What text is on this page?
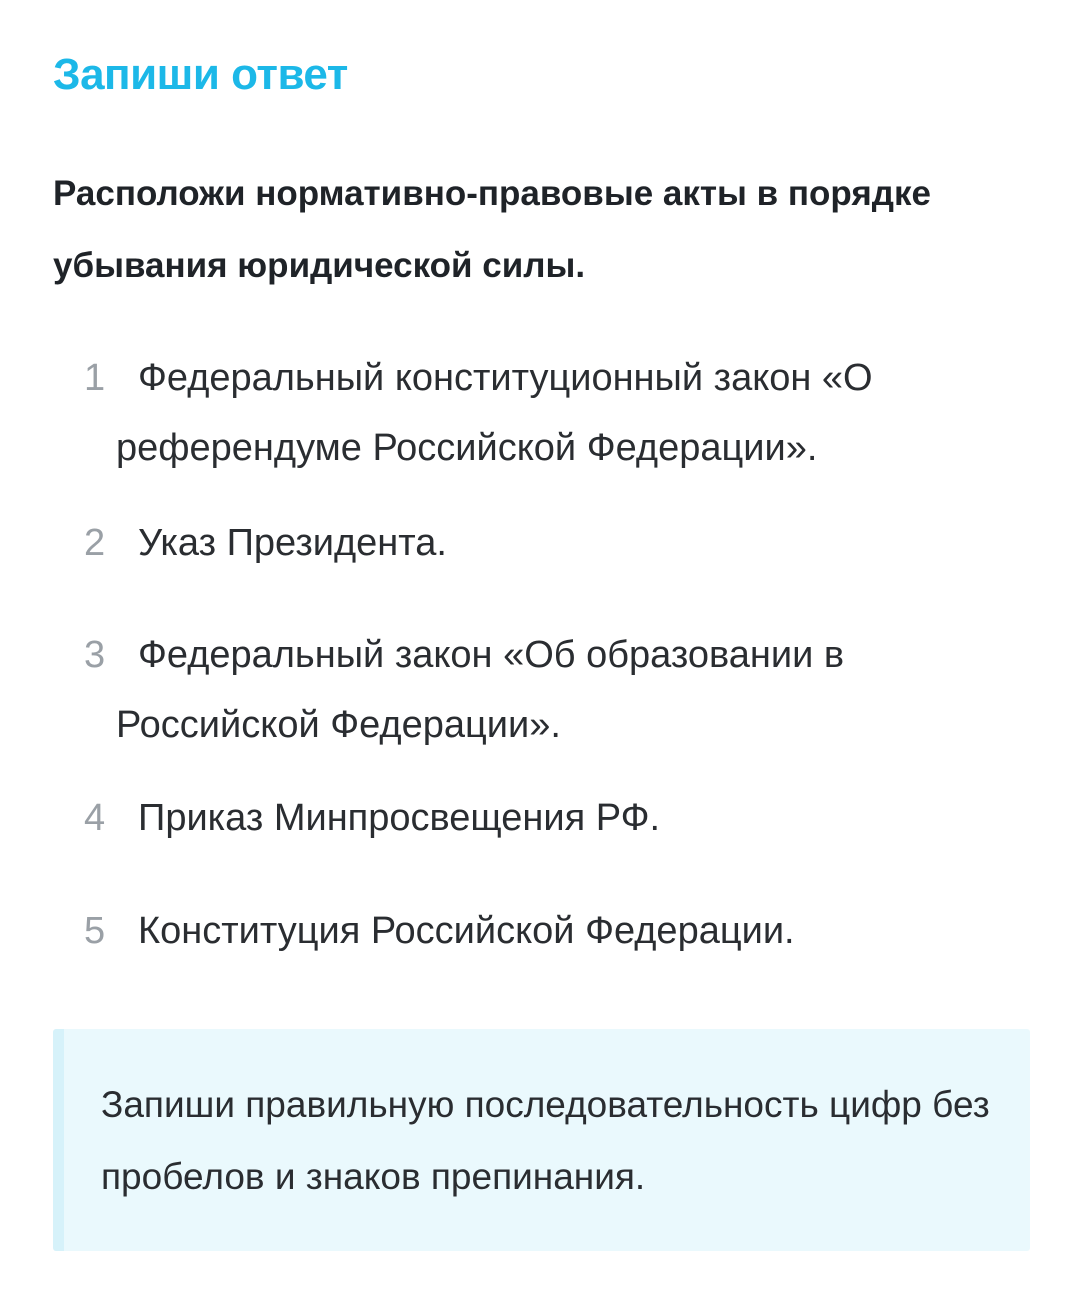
Запиши ответ

Расположи нормативно-правовые акты в порядке убывания юридической силы.

1 Федеральный конституционный закон «О референдуме Российской Федерации».
2 Указ Президента.
3 Федеральный закон «Об образовании в Российской Федерации».
4 Приказ Минпросвещения РФ.
5 Конституция Российской Федерации.

Запиши правильную последовательность цифр без пробелов и знаков препинания.
